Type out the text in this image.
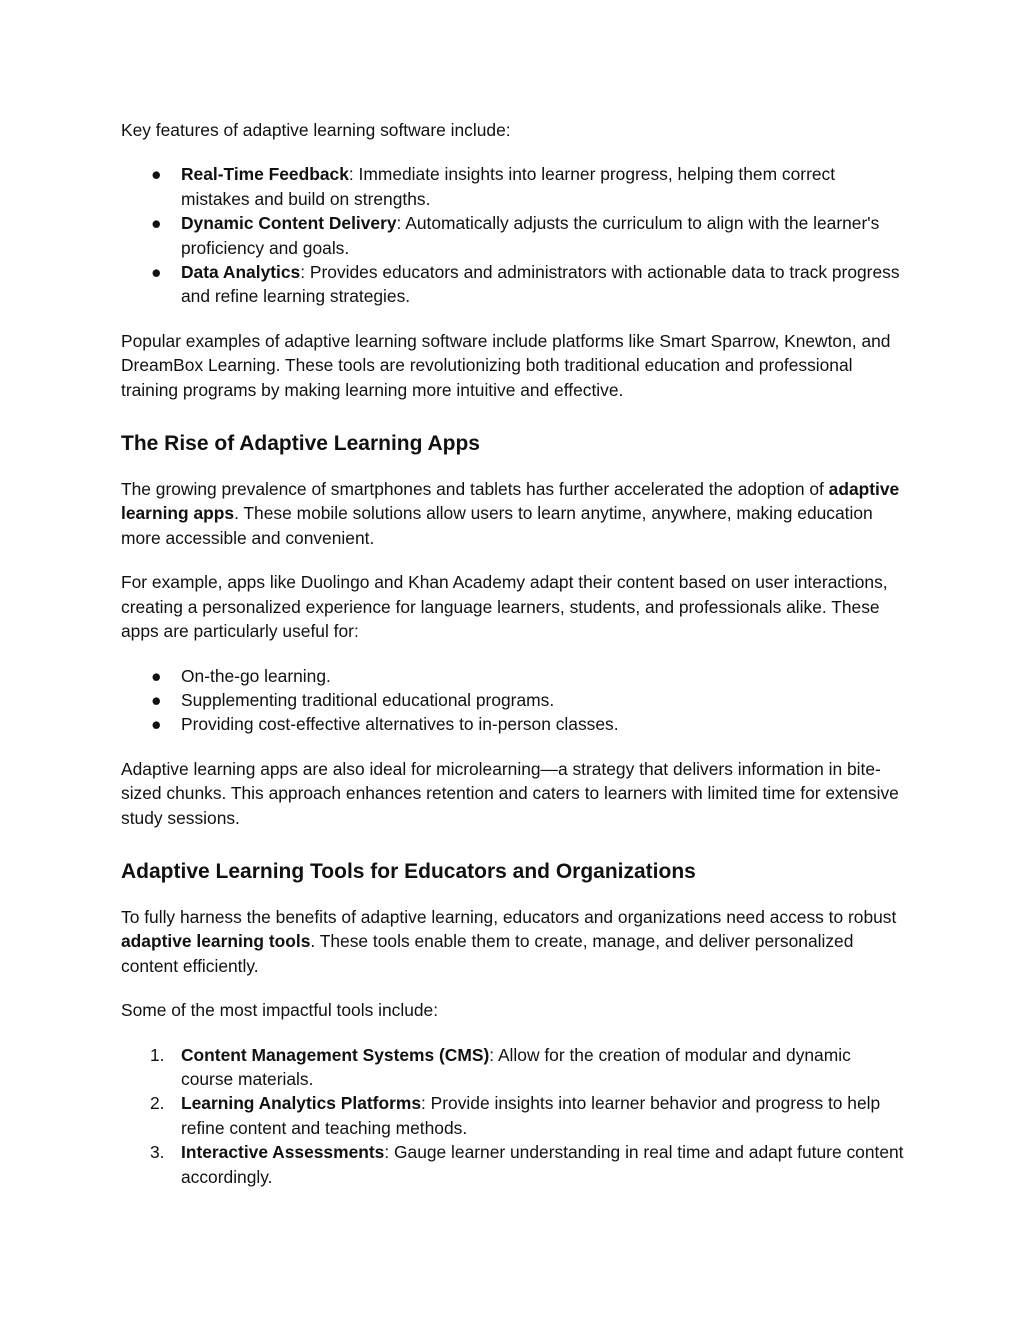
Key features of adaptive learning software include:

● Real-Time Feedback: Immediate insights into learner progress, helping them correct mistakes and build on strengths.
● Dynamic Content Delivery: Automatically adjusts the curriculum to align with the learner's proficiency and goals.
● Data Analytics: Provides educators and administrators with actionable data to track progress and refine learning strategies.

Popular examples of adaptive learning software include platforms like Smart Sparrow, Knewton, and DreamBox Learning. These tools are revolutionizing both traditional education and professional training programs by making learning more intuitive and effective.

The Rise of Adaptive Learning Apps

The growing prevalence of smartphones and tablets has further accelerated the adoption of adaptive learning apps. These mobile solutions allow users to learn anytime, anywhere, making education more accessible and convenient.

For example, apps like Duolingo and Khan Academy adapt their content based on user interactions, creating a personalized experience for language learners, students, and professionals alike. These apps are particularly useful for:

● On-the-go learning.
● Supplementing traditional educational programs.
● Providing cost-effective alternatives to in-person classes.

Adaptive learning apps are also ideal for microlearning—a strategy that delivers information in bite-sized chunks. This approach enhances retention and caters to learners with limited time for extensive study sessions.

Adaptive Learning Tools for Educators and Organizations

To fully harness the benefits of adaptive learning, educators and organizations need access to robust adaptive learning tools. These tools enable them to create, manage, and deliver personalized content efficiently.

Some of the most impactful tools include:

1. Content Management Systems (CMS): Allow for the creation of modular and dynamic course materials.
2. Learning Analytics Platforms: Provide insights into learner behavior and progress to help refine content and teaching methods.
3. Interactive Assessments: Gauge learner understanding in real time and adapt future content accordingly.
